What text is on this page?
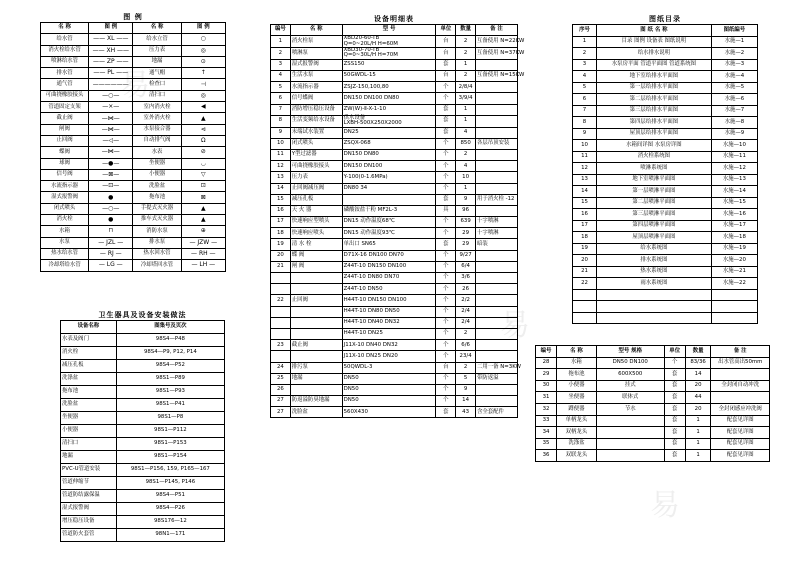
易
易
易
图 例
名 称	图 例	名 称	图 例
给水管	—— XL ——	给水立管	○
消火栓给水管	—— XH ——	压力表	◎
喷淋给水管	—— ZP ——	地漏	⊙
排水管	—— PL ——	通气帽	↑
通气管	——————	检查口	⊣
可曲挠橡胶接头	—○—	清扫口	◎
管道固定支架	—×—	室内消火栓	◀
截止阀	—⋈—	室外消火栓	▲
闸阀	—⋈—	水泵接合器	⊲
止回阀	—◁—	自动排气阀	Ω
蝶阀	—⋈—	水表	⊘
球阀	—●—	坐便器	◡
信号阀	—⊠—	小便器	▽
水流指示器	—⊡—	洗脸盆	⊡
湿式报警阀	●	拖布池	⊠
闭式喷头	—○—	手提式灭火器	▲
消火栓	●	推车式灭火器	▲
水箱	⊓	消防水泵	⊕
水泵	— JZL —	排水泵	— JZW —
热水给水管	— RJ —	热水回水管	— RH —
冷却塔给水管	— LG —	冷却塔回水管	— LH —
卫生器具及设备安装做法
设备名称	图集号及页次
水表及阀门	98S4—P48
消火栓	98S4—P9, P12, P14
减压孔板	98S4—P52
洗涤盆	98S1—P89
拖布池	98S1—P93
洗脸盆	98S1—P41
坐便器	98S1—P8
小便器	98S1—P112
清扫口	98S1—P153
地漏	98S1—P154
PVC-U管道安装	98S1—P156, 159, P165—167
管道伸缩节	98S1—P145, P146
管道防结露保温	98S4—P51
湿式报警阀	98S4—P26
增压稳压设备	98S176—12
管道防火套管	98N1—171
设备明细表
编号	名 称	型 号	单位	数量	备 注
1	消火栓泵	XBD20-60-TB
Q=0~20L/H H=60M	台	2	互备使用 N=22KW
2	喷淋泵	XBD30-70-TB
Q=0~30L/H H=70M	台	2	互备使用 N=37KW
3	湿式报警阀	ZSS150	套	1	
4	生活水泵	50GWDL-15	台	2	互备使用 N=15KW
5	水流指示器	ZSJZ-150,100,80	个	2/8/4	
6	信号蝶阀	DN150 DN100 DN80	个	3/9/4	
7	消防增压稳压设备	ZW(W)-Ⅱ-X-1-10	套	1	
8	生活变频给水设备	供水设备
LXBH-500X250X2000	套	1	
9	末端试水装置	DN25	套	4	
10	闭式喷头	ZSQX-068	个	850	各层吊顶安装
11	Y型过滤器	DN150 DN80	个	2	
12	可曲挠橡胶接头	DN150 DN100	个	4	
13	压力表	Y-100(0-1.6MPa)	个	10	
14	止回阀减压阀	DN80 34	个	1	
15	减压孔板		套	9	用于消火栓 -12
16	天 火 器	磷酸铵盐干粉 MF2L-3	具	96	
17	快速响应型喷头	DN15 动作温度68℃	个	639	十字喷淋
18	快速响应喷头	DN15 动作温度93℃	个	29	十字喷淋
19	清 水 栓	单出口 SN65	套	29	暗装
20	蝶 阀	D71X-16 DN100 DN70	个	9/27	
21	闸 阀	Z44T-10 DN150 DN100	个	6/4	
		Z44T-10 DN80 DN70	个	3/6	
		Z44T-10 DN50	个	26	
22	止回阀	H44T-10 DN150 DN100	个	2/2	
		H44T-10 DN80 DN50	个	2/4	
		H44T-10 DN40 DN32	个	2/4	
		H44T-10 DN25	个	2	
23	截止阀	J11X-10 DN40 DN32	个	6/6	
		J11X-10 DN25 DN20	个	23/4	
24	排污泵	50QWDL-3	台	2	二用一备 N=3KW
25	地漏	DN50	个	5	带防返溢
26		DN50	个	9	
27	防返溢防臭地漏	DN50	个	14	
27	洗脸盆	560X430	套	43	含全套配件
图纸目录
序号	图 纸 名 称	图纸编号
1	目录 图例 设备表 图纸说明	水施—1
2	给水排水说明	水施—2
3	水泵房平面 管道平面图 管道系统图	水施—3
4	地下室给排水平面图	水施—4
5	第一层给排水平面图	水施—5
6	第二层给排水平面图	水施—6
7	第三层给排水平面图	水施—7
8	第四层给排水平面图	水施—8
9	屋顶层给排水平面图	水施—9
10	水箱间详图 水泵房详图	水施—10
11	消火栓系统图	水施—11
12	喷淋系统图	水施—12
13	地下室喷淋平面图	水施—13
14	第一层喷淋平面图	水施—14
15	第二层喷淋平面图	水施—15
16	第三层喷淋平面图	水施—16
17	第四层喷淋平面图	水施—17
18	屋顶层喷淋平面图	水施—18
19	给水系统图	水施—19
20	排水系统图	水施—20
21	热水系统图	水施—21
22	雨水系统图	水施—22

编号	名 称	型号 规格	单位	数量	备 注
28	水箱	DN50 DN100	个	83/36	出水管高出50mm
29	拖布池	600X500	套	14	
30	小便器	挂式	套	20	全封闭自动冲洗
31	坐便器	联体式	套	44	
32	蹲便器	节水	套	20	全封闭感应冲洗阀
33	单柄龙头		套	1	配套见详图
34	双柄龙头		套	1	配套见详图
35	洗涤盆		套	1	配套见详图
36	双联龙头		套	1	配套见详图
